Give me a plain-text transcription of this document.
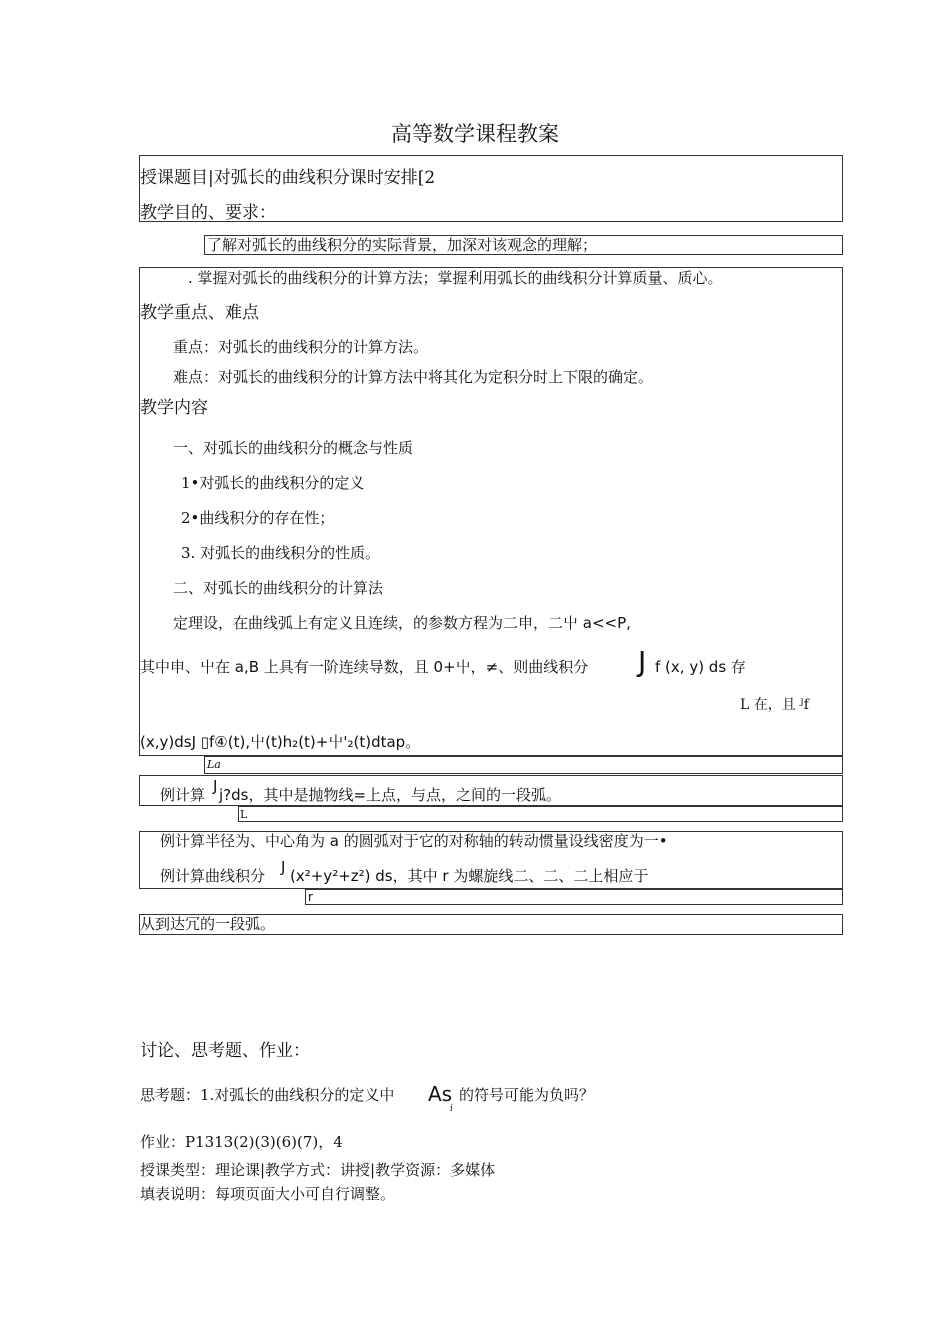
高等数学课程教案
授课题目|对弧长的曲线积分课时安排[2
教学目的、要求：
了解对弧长的曲线积分的实际背景，加深对该观念的理解；
. 掌握对弧长的曲线积分的计算方法；掌握利用弧长的曲线积分计算质量、质心。
教学重点、难点
重点：对弧长的曲线积分的计算方法。
难点：对弧长的曲线积分的计算方法中将其化为定积分时上下限的确定。
教学内容
一、对弧长的曲线积分的概念与性质
1•对弧长的曲线积分的定义
2•曲线积分的存在性；
3. 对弧长的曲线积分的性质。
二、对弧长的曲线积分的计算法
定理设，在曲线弧上有定义且连续，的参数方程为二申，二屮 a<<P,
其中申、屮在 a,B 上具有一阶连续导数，且 0+屮，≠、则曲线积分 J f (x, y) ds 存
L 在，且 ᴶf
(x,y)dsJ ▯f④(t),屮(t)h₂(t)+屮'₂(t)dtap。
La
例计算 J j?ds，其中是抛物线=上点，与点，之间的一段弧。
L
例计算半径为、中心角为 a 的圆弧对于它的对称轴的转动惯量设线密度为一•
例计算曲线积分 J (x²+y²+z²) ds，其中 r 为螺旋线二、二、二上相应于
r
从到达冗的一段弧。
讨论、思考题、作业：
思考题：1.对弧长的曲线积分的定义中 As
i
的符号可能为负吗？
作业：P1313(2)(3)(6)(7)，4
授课类型：理论课|教学方式：讲授|教学资源：多媒体
填表说明：每项页面大小可自行调整。
